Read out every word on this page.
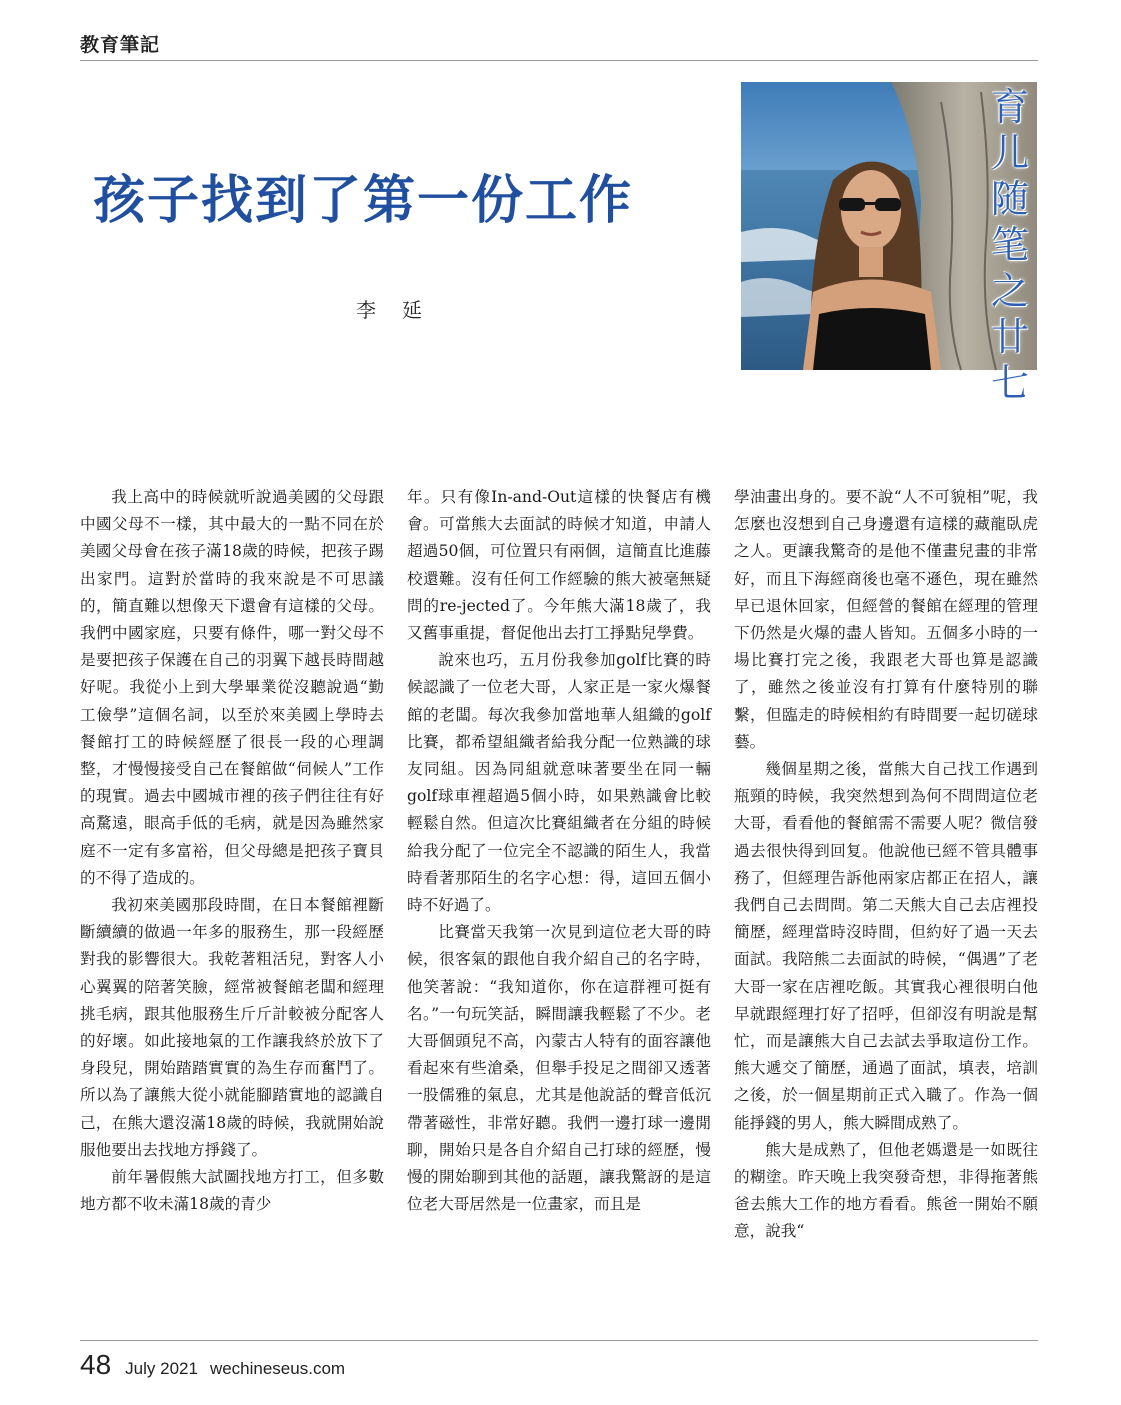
教育筆記
孩子找到了第一份工作
李延
育
儿
随
笔
之
廿
七

我上高中的時候就听說過美國的父母跟中國父母不一樣，其中最大的一點不同在於美國父母會在孩子滿18歲的時候，把孩子踢出家門。這對於當時的我來說是不可思議的，簡直難以想像天下還會有這樣的父母。我們中國家庭，只要有條件，哪一對父母不是要把孩子保護在自己的羽翼下越長時間越好呢。我從小上到大學畢業從沒聽說過“勤工儉學”這個名詞，以至於來美國上學時去餐館打工的時候經歷了很長一段的心理調整，才慢慢接受自己在餐館做“伺候人”工作的現實。過去中國城市裡的孩子們往往有好高騖遠，眼高手低的毛病，就是因為雖然家庭不一定有多富裕，但父母總是把孩子寶貝的不得了造成的。

我初來美國那段時間，在日本餐館裡斷斷續續的做過一年多的服務生，那一段經歷對我的影響很大。我乾著粗活兒，對客人小心翼翼的陪著笑臉，經常被餐館老闆和經理挑毛病，跟其他服務生斤斤計較被分配客人的好壞。如此接地氣的工作讓我終於放下了身段兒，開始踏踏實實的為生存而奮鬥了。所以為了讓熊大從小就能腳踏實地的認識自己，在熊大還沒滿18歲的時候，我就開始說服他要出去找地方掙錢了。

前年暑假熊大試圖找地方打工，但多數地方都不收未滿18歲的青少

年。只有像In-and-Out這樣的快餐店有機會。可當熊大去面試的時候才知道，申請人超過50個，可位置只有兩個，這簡直比進藤校還難。沒有任何工作經驗的熊大被毫無疑問的re-jected了。今年熊大滿18歲了，我又舊事重提，督促他出去打工掙點兒學費。

說來也巧，五月份我參加golf比賽的時候認識了一位老大哥，人家正是一家火爆餐館的老闆。每次我參加當地華人組織的golf比賽，都希望組織者給我分配一位熟識的球友同組。因為同組就意味著要坐在同一輛golf球車裡超過5個小時，如果熟識會比較輕鬆自然。但這次比賽組織者在分組的時候給我分配了一位完全不認識的陌生人，我當時看著那陌生的名字心想：得，這回五個小時不好過了。

比賽當天我第一次見到這位老大哥的時候，很客氣的跟他自我介紹自己的名字時，他笑著說：“我知道你，你在這群裡可挺有名。”一句玩笑話，瞬間讓我輕鬆了不少。老大哥個頭兒不高，內蒙古人特有的面容讓他看起來有些滄桑，但舉手投足之間卻又透著一股儒雅的氣息，尤其是他說話的聲音低沉帶著磁性，非常好聽。我們一邊打球一邊閒聊，開始只是各自介紹自己打球的經歷，慢慢的開始聊到其他的話題，讓我驚訝的是這位老大哥居然是一位畫家，而且是

學油畫出身的。要不說“人不可貌相”呢，我怎麼也沒想到自己身邊還有這樣的藏龍臥虎之人。更讓我驚奇的是他不僅畫兒畫的非常好，而且下海經商後也毫不遜色，現在雖然早已退休回家，但經營的餐館在經理的管理下仍然是火爆的盡人皆知。五個多小時的一場比賽打完之後，我跟老大哥也算是認識了，雖然之後並沒有打算有什麼特別的聯繫，但臨走的時候相約有時間要一起切磋球藝。

幾個星期之後，當熊大自己找工作遇到瓶頸的時候，我突然想到為何不問問這位老大哥，看看他的餐館需不需要人呢？微信發過去很快得到回复。他說他已經不管具體事務了，但經理告訴他兩家店都正在招人，讓我們自己去問問。第二天熊大自己去店裡投簡歷，經理當時沒時間，但約好了過一天去面試。我陪熊二去面試的時候，“偶遇”了老大哥一家在店裡吃飯。其實我心裡很明白他早就跟經理打好了招呼，但卻沒有明說是幫忙，而是讓熊大自己去試去爭取這份工作。熊大遞交了簡歷，通過了面試，填表，培訓之後，於一個星期前正式入職了。作為一個能掙錢的男人，熊大瞬間成熟了。

熊大是成熟了，但他老媽還是一如既往的糊塗。昨天晚上我突發奇想，非得拖著熊爸去熊大工作的地方看看。熊爸一開始不願意，說我“

48 July 2021 wechineseus.com
